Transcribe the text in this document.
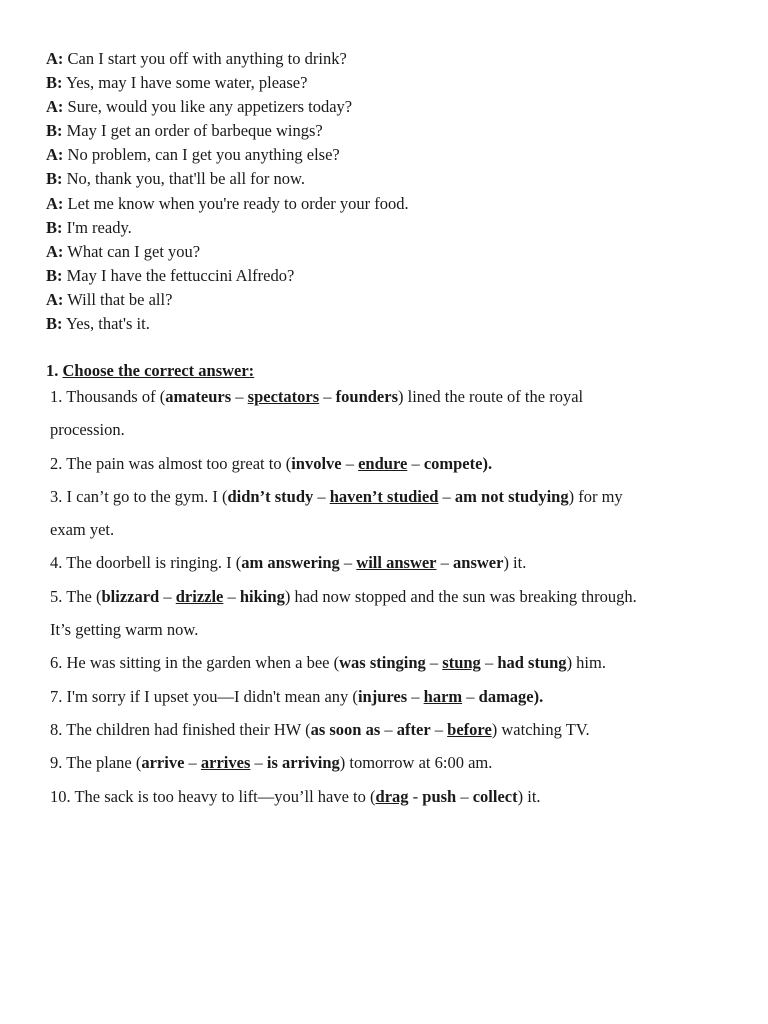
A: Can I start you off with anything to drink?
B: Yes, may I have some water, please?
A: Sure, would you like any appetizers today?
B: May I get an order of barbeque wings?
A: No problem, can I get you anything else?
B: No, thank you, that'll be all for now.
A: Let me know when you're ready to order your food.
B: I'm ready.
A: What can I get you?
B: May I have the fettuccini Alfredo?
A: Will that be all?
B: Yes, that's it.
1. Choose the correct answer:
1. Thousands of (amateurs – spectators – founders) lined the route of the royal
procession.
2. The pain was almost too great to (involve – endure – compete).
3. I can’t go to the gym. I (didn’t study – haven’t studied – am not studying) for my
exam yet.
4. The doorbell is ringing. I (am answering – will answer – answer) it.
5. The (blizzard – drizzle – hiking) had now stopped and the sun was breaking through.
It’s getting warm now.
6. He was sitting in the garden when a bee (was stinging – stung – had stung) him.
7. I'm sorry if I upset you—I didn't mean any (injures – harm – damage).
8. The children had finished their HW (as soon as – after – before) watching TV.
9. The plane (arrive – arrives – is arriving) tomorrow at 6:00 am.
10. The sack is too heavy to lift—you’ll have to (drag - push – collect) it.
